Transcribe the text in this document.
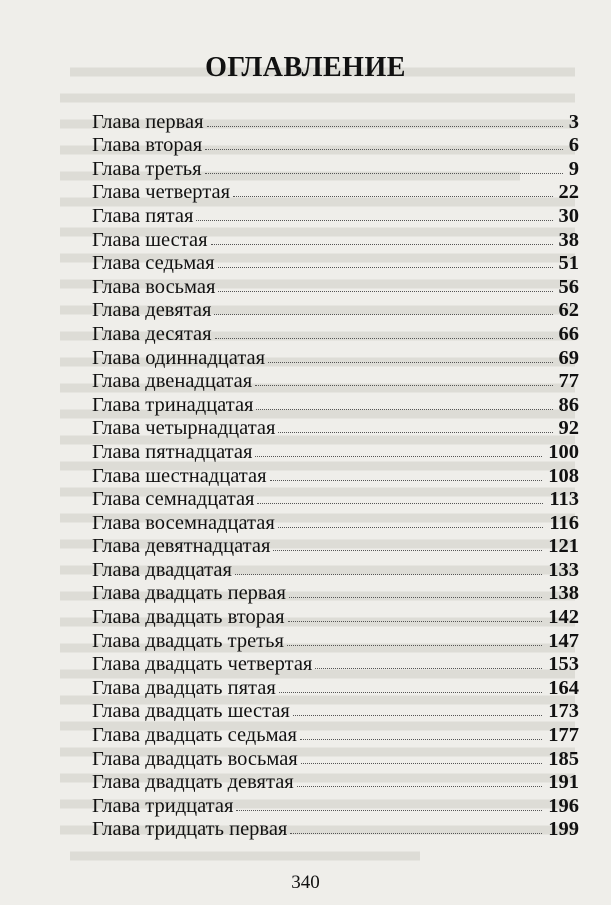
ОГЛАВЛЕНИЕ
Глава первая	3
Глава вторая	6
Глава третья	9
Глава четвертая	22
Глава пятая	30
Глава шестая	38
Глава седьмая	51
Глава восьмая	56
Глава девятая	62
Глава десятая	66
Глава одиннадцатая	69
Глава двенадцатая	77
Глава тринадцатая	86
Глава четырнадцатая	92
Глава пятнадцатая	100
Глава шестнадцатая	108
Глава семнадцатая	113
Глава восемнадцатая	116
Глава девятнадцатая	121
Глава двадцатая	133
Глава двадцать первая	138
Глава двадцать вторая	142
Глава двадцать третья	147
Глава двадцать четвертая	153
Глава двадцать пятая	164
Глава двадцать шестая	173
Глава двадцать седьмая	177
Глава двадцать восьмая	185
Глава двадцать девятая	191
Глава тридцатая	196
Глава тридцать первая	199
340
